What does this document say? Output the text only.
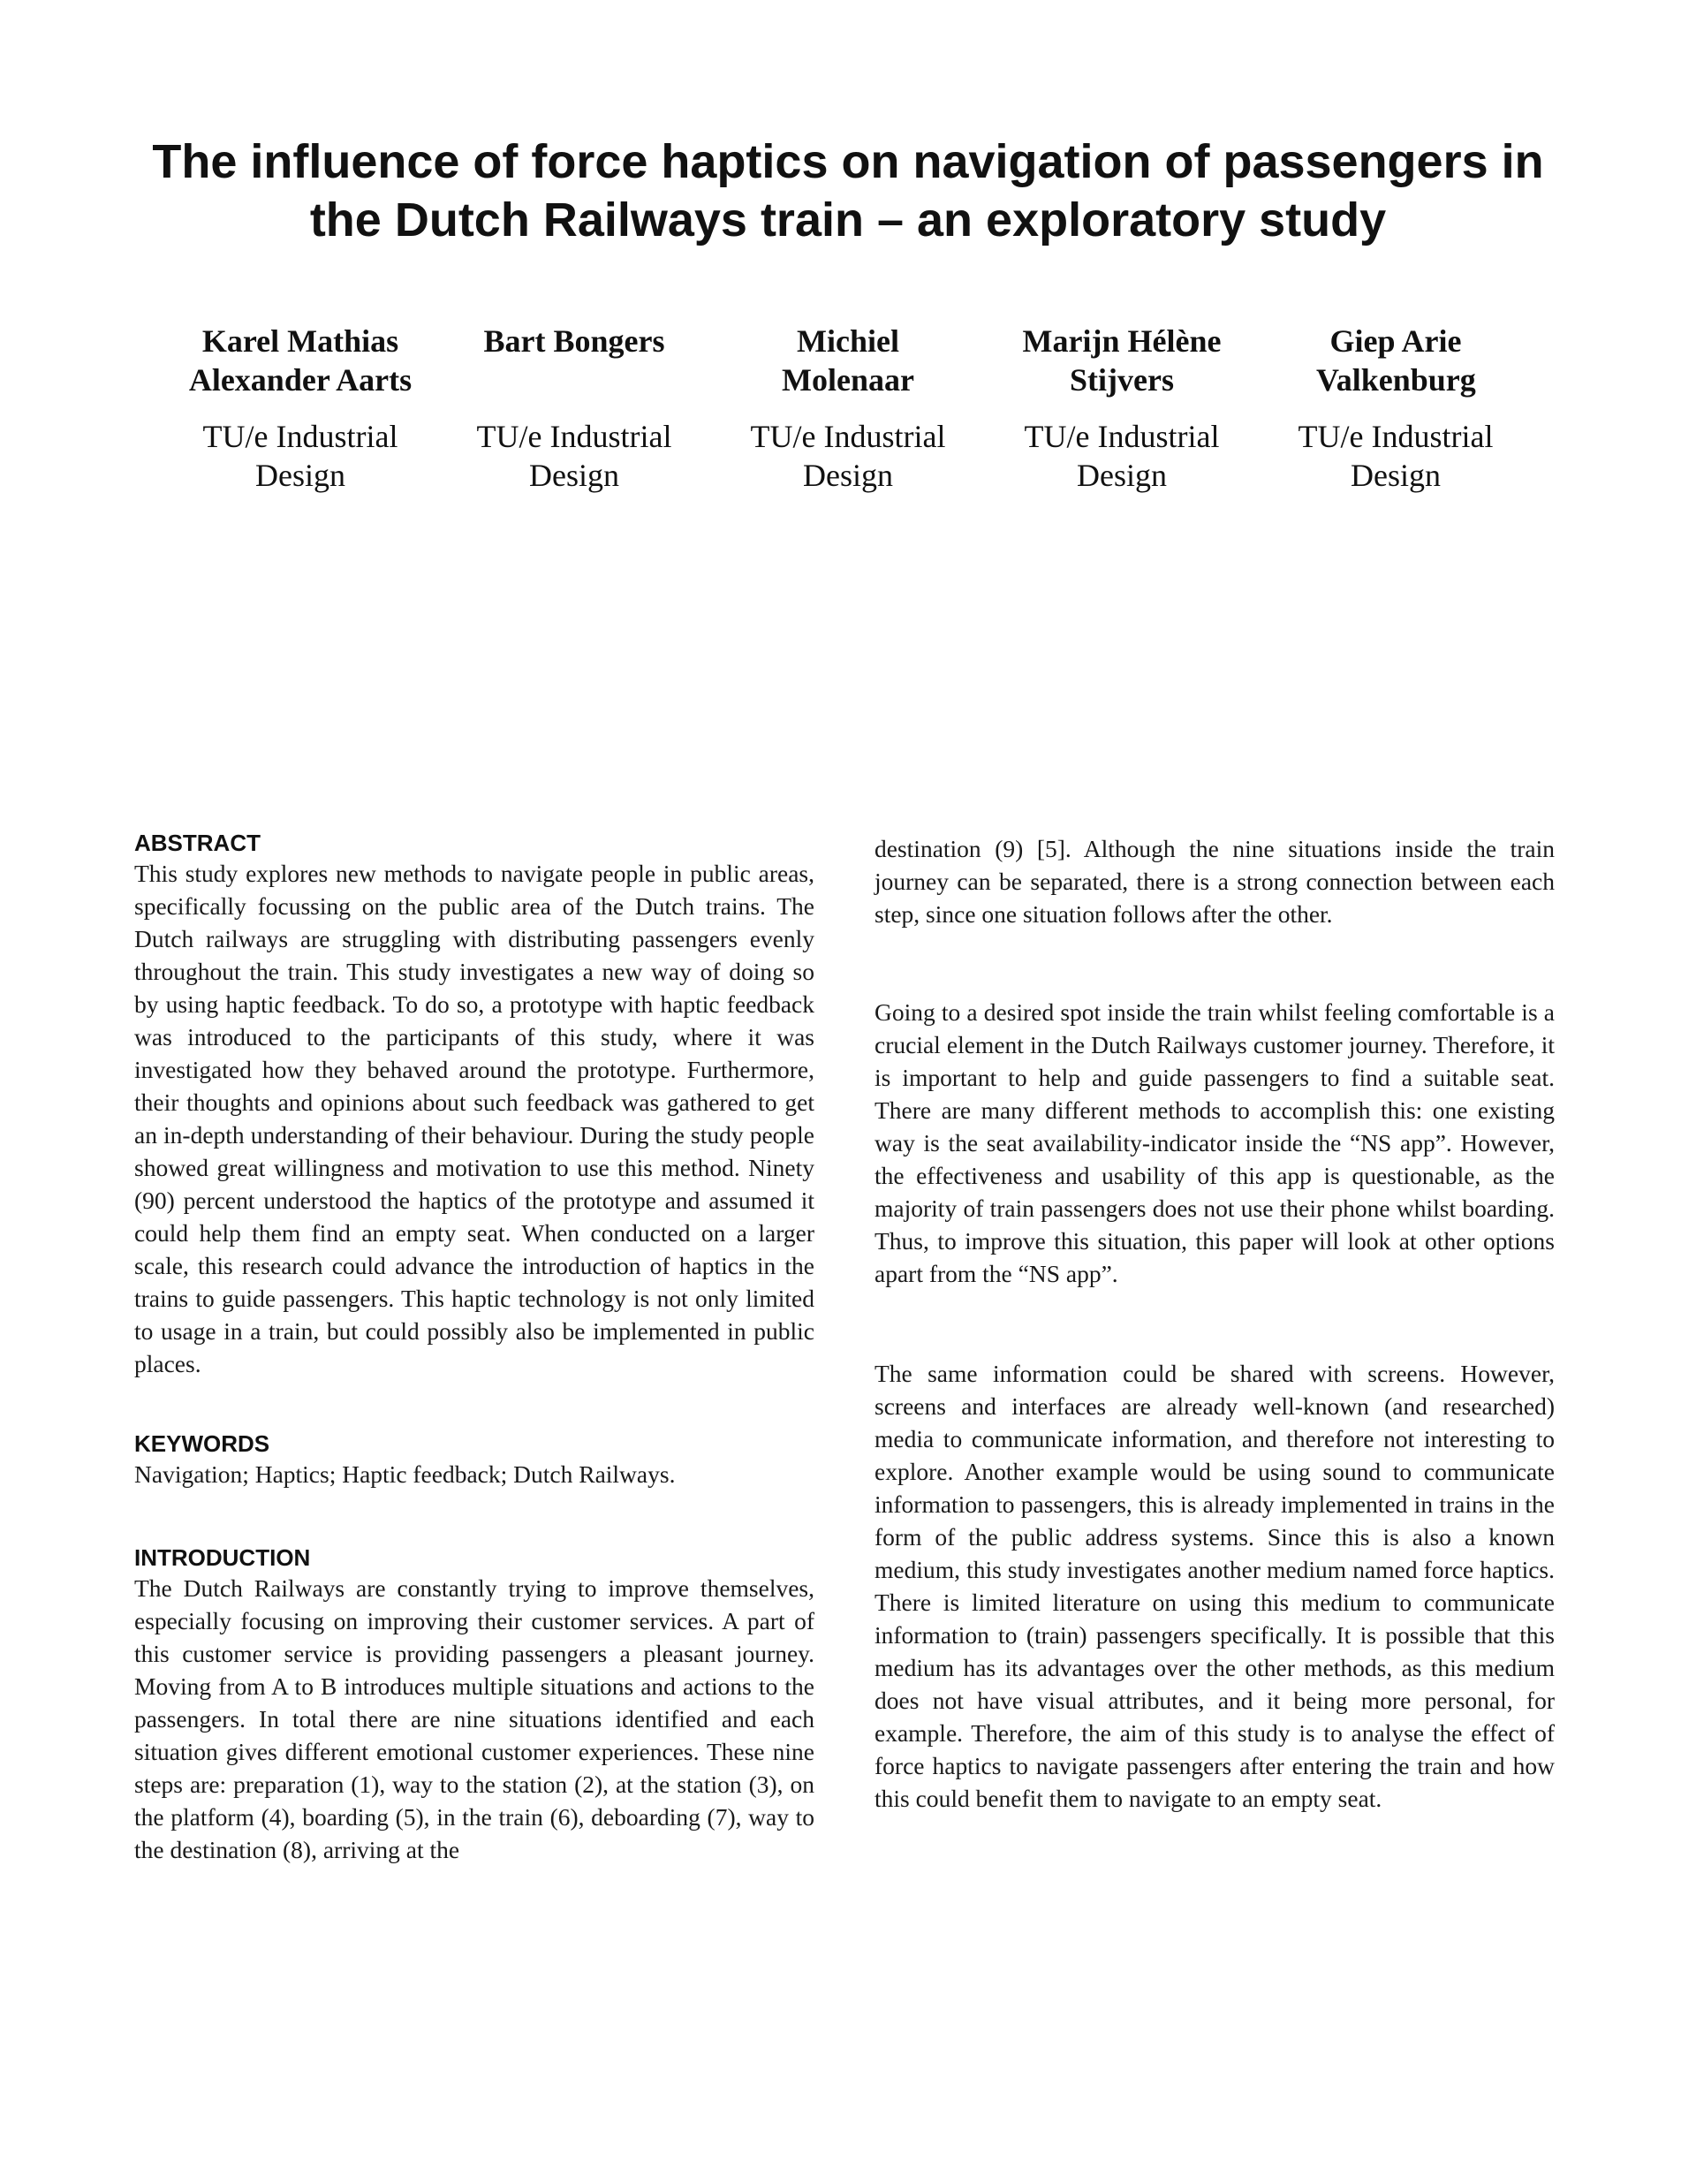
The influence of force haptics on navigation of passengers in the Dutch Railways train – an exploratory study
Karel Mathias Alexander Aarts
TU/e Industrial Design
Bart Bongers
TU/e Industrial Design
Michiel Molenaar
TU/e Industrial Design
Marijn Hélène Stijvers
TU/e Industrial Design
Giep Arie Valkenburg
TU/e Industrial Design
ABSTRACT

This study explores new methods to navigate people in public areas, specifically focussing on the public area of the Dutch trains. The Dutch railways are struggling with distributing passengers evenly throughout the train. This study investigates a new way of doing so by using haptic feedback. To do so, a prototype with haptic feedback was introduced to the participants of this study, where it was investigated how they behaved around the prototype. Furthermore, their thoughts and opinions about such feedback was gathered to get an in-depth understanding of their behaviour. During the study people showed great willingness and motivation to use this method. Ninety (90) percent understood the haptics of the prototype and assumed it could help them find an empty seat. When conducted on a larger scale, this research could advance the introduction of haptics in the trains to guide passengers. This haptic technology is not only limited to usage in a train, but could possibly also be implemented in public places.

KEYWORDS

Navigation; Haptics; Haptic feedback; Dutch Railways.

INTRODUCTION

The Dutch Railways are constantly trying to improve themselves, especially focusing on improving their customer services. A part of this customer service is providing passengers a pleasant journey. Moving from A to B introduces multiple situations and actions to the passengers. In total there are nine situations identified and each situation gives different emotional customer experiences. These nine steps are: preparation (1), way to the station (2), at the station (3), on the platform (4), boarding (5), in the train (6), deboarding (7), way to the destination (8), arriving at the

destination (9) [5]. Although the nine situations inside the train journey can be separated, there is a strong connection between each step, since one situation follows after the other.

Going to a desired spot inside the train whilst feeling comfortable is a crucial element in the Dutch Railways customer journey. Therefore, it is important to help and guide passengers to find a suitable seat. There are many different methods to accomplish this: one existing way is the seat availability-indicator inside the “NS app”. However, the effectiveness and usability of this app is questionable, as the majority of train passengers does not use their phone whilst boarding. Thus, to improve this situation, this paper will look at other options apart from the “NS app”.

The same information could be shared with screens. However, screens and interfaces are already well-known (and researched) media to communicate information, and therefore not interesting to explore. Another example would be using sound to communicate information to passengers, this is already implemented in trains in the form of the public address systems. Since this is also a known medium, this study investigates another medium named force haptics. There is limited literature on using this medium to communicate information to (train) passengers specifically. It is possible that this medium has its advantages over the other methods, as this medium does not have visual attributes, and it being more personal, for example. Therefore, the aim of this study is to analyse the effect of force haptics to navigate passengers after entering the train and how this could benefit them to navigate to an empty seat.
